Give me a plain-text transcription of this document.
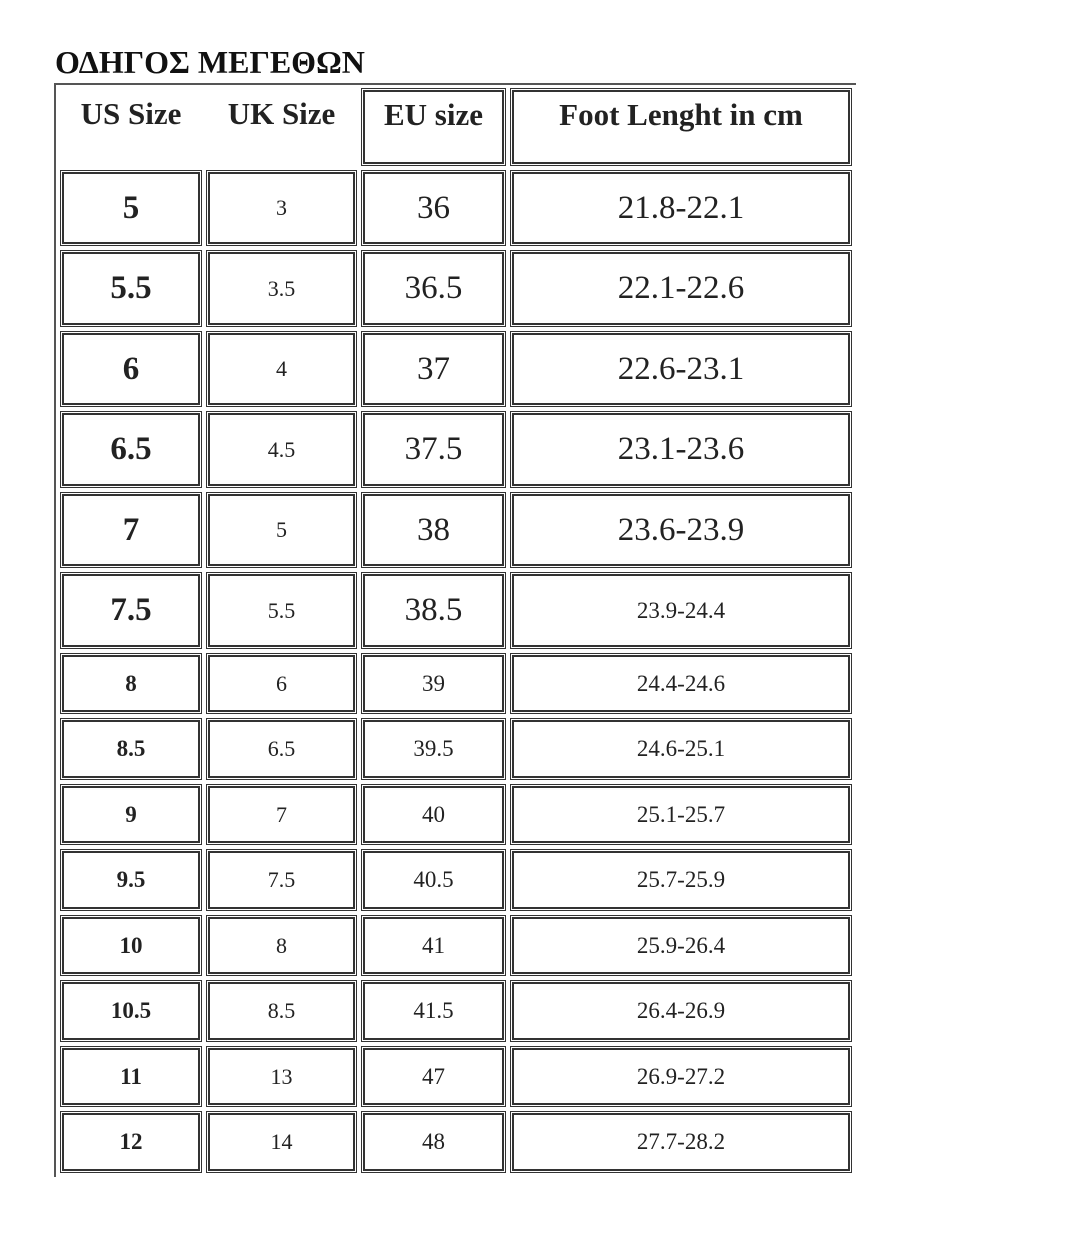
ΟΔΗΓΟΣ ΜΕΓΕΘΩΝ
US Size	UK Size	EU size	Foot Lenght in cm
5	3	36	21.8-22.1
5.5	3.5	36.5	22.1-22.6
6	4	37	22.6-23.1
6.5	4.5	37.5	23.1-23.6
7	5	38	23.6-23.9
7.5	5.5	38.5	23.9-24.4
8	6	39	24.4-24.6
8.5	6.5	39.5	24.6-25.1
9	7	40	25.1-25.7
9.5	7.5	40.5	25.7-25.9
10	8	41	25.9-26.4
10.5	8.5	41.5	26.4-26.9
11	13	47	26.9-27.2
12	14	48	27.7-28.2
